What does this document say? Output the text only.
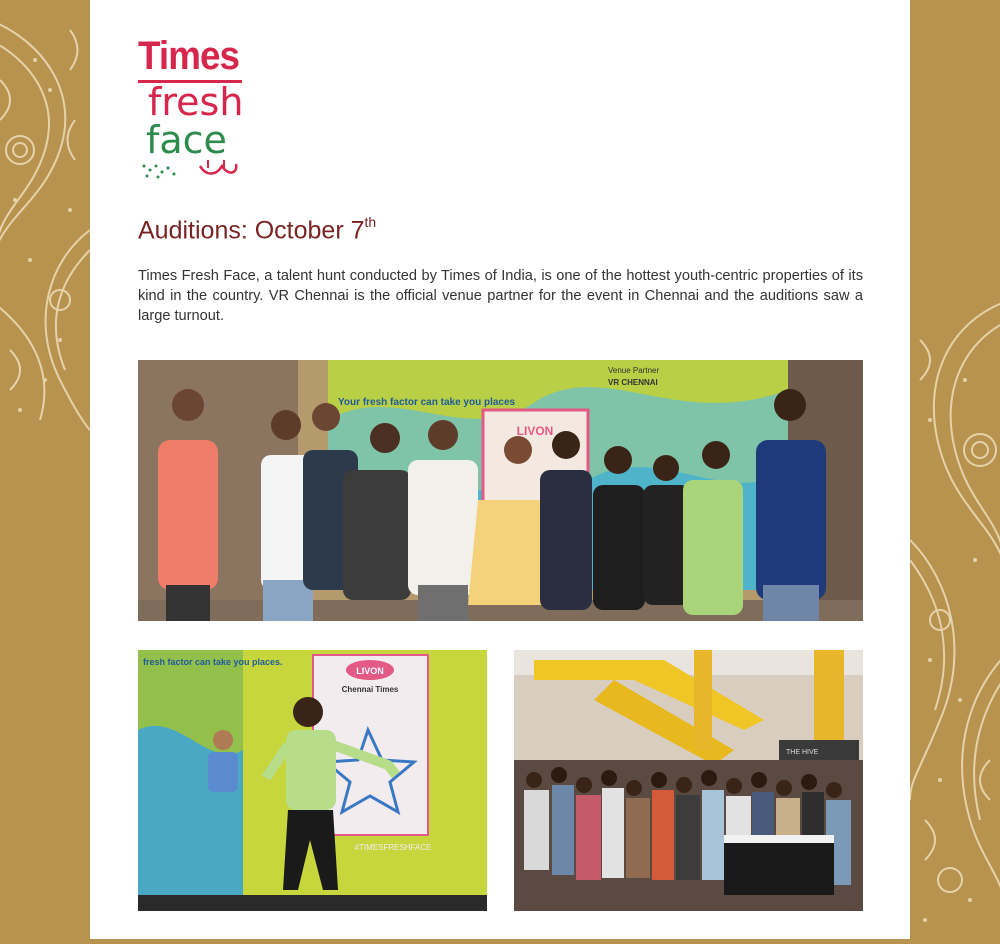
Times
fresh
face
Auditions: October 7th

Times Fresh Face, a talent hunt conducted by Times of India, is one of the hottest youth-centric properties of its kind in the country. VR Chennai is the official venue partner for the event in Chennai and the auditions saw a large turnout.

LIVON
Venue Partner
VR CHENNAI
Your fresh factor can take you places
fresh factor can take you places.
LIVON
Chennai Times
#TIMESFRESHFACE
THE HIVE
